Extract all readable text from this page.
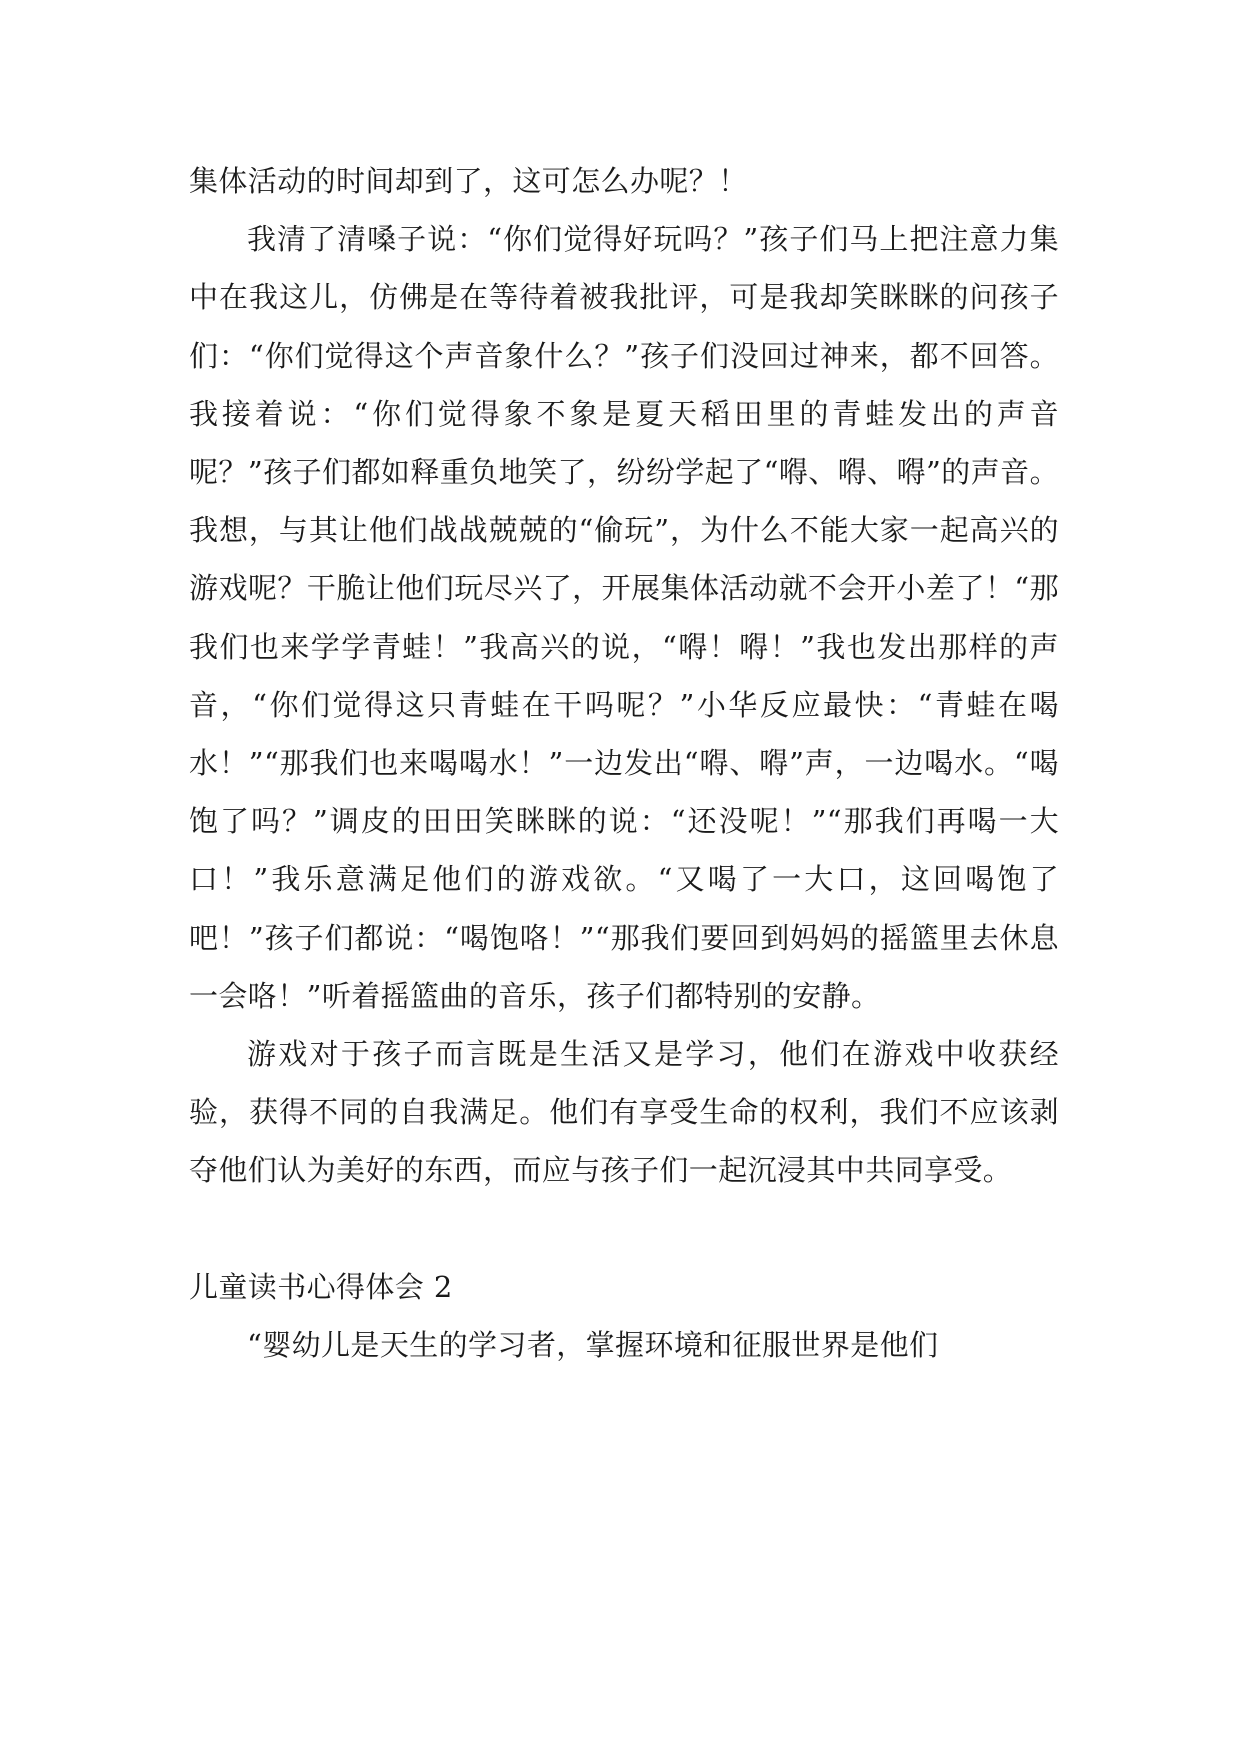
集体活动的时间却到了，这可怎么办呢？！

我清了清嗓子说：“你们觉得好玩吗？”孩子们马上把注意力集中在我这儿，仿佛是在等待着被我批评，可是我却笑眯眯的问孩子们：“你们觉得这个声音象什么？”孩子们没回过神来，都不回答。我接着说：“你们觉得象不象是夏天稻田里的青蛙发出的声音呢？”孩子们都如释重负地笑了，纷纷学起了“嘚、嘚、嘚”的声音。我想，与其让他们战战兢兢的“偷玩”，为什么不能大家一起高兴的游戏呢？干脆让他们玩尽兴了，开展集体活动就不会开小差了！“那我们也来学学青蛙！”我高兴的说，“嘚！嘚！”我也发出那样的声音，“你们觉得这只青蛙在干吗呢？”小华反应最快：“青蛙在喝水！”“那我们也来喝喝水！”一边发出“嘚、嘚”声，一边喝水。“喝饱了吗？”调皮的田田笑眯眯的说：“还没呢！”“那我们再喝一大口！”我乐意满足他们的游戏欲。“又喝了一大口，这回喝饱了吧！”孩子们都说：“喝饱咯！”“那我们要回到妈妈的摇篮里去休息一会咯！”听着摇篮曲的音乐，孩子们都特别的安静。

游戏对于孩子而言既是生活又是学习，他们在游戏中收获经验，获得不同的自我满足。他们有享受生命的权利，我们不应该剥夺他们认为美好的东西，而应与孩子们一起沉浸其中共同享受。

儿童读书心得体会 2

“婴幼儿是天生的学习者，掌握环境和征服世界是他们
